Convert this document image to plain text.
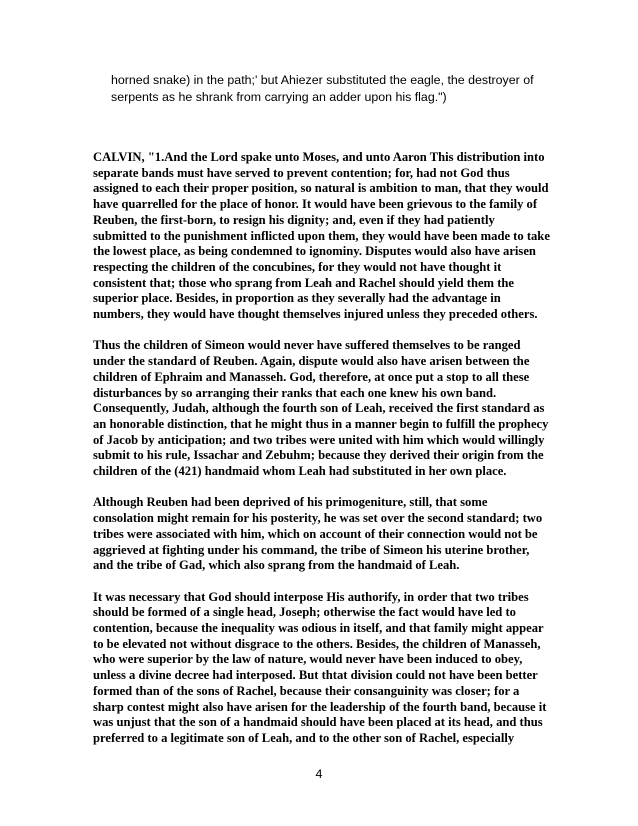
horned snake) in the path;' but Ahiezer substituted the eagle, the destroyer of serpents as he shrank from carrying an adder upon his flag.")

CALVIN, "1.And the Lord spake unto Moses, and unto Aaron This distribution into separate bands must have served to prevent contention; for, had not God thus assigned to each their proper position, so natural is ambition to man, that they would have quarrelled for the place of honor. It would have been grievous to the family of Reuben, the first-born, to resign his dignity; and, even if they had patiently submitted to the punishment inflicted upon them, they would have been made to take the lowest place, as being condemned to ignominy. Disputes would also have arisen respecting the children of the concubines, for they would not have thought it consistent that; those who sprang from Leah and Rachel should yield them the superior place. Besides, in proportion as they severally had the advantage in numbers, they would have thought themselves injured unless they preceded others.

Thus the children of Simeon would never have suffered themselves to be ranged under the standard of Reuben. Again, dispute would also have arisen between the children of Ephraim and Manasseh. God, therefore, at once put a stop to all these disturbances by so arranging their ranks that each one knew his own band. Consequently, Judah, although the fourth son of Leah, received the first standard as an honorable distinction, that he might thus in a manner begin to fulfill the prophecy of Jacob by anticipation; and two tribes were united with him which would willingly submit to his rule, Issachar and Zebuhm; because they derived their origin from the children of the (421) handmaid whom Leah had substituted in her own place.

Although Reuben had been deprived of his primogeniture, still, that some consolation might remain for his posterity, he was set over the second standard; two tribes were associated with him, which on account of their connection would not be aggrieved at fighting under his command, the tribe of Simeon his uterine brother, and the tribe of Gad, which also sprang from the handmaid of Leah.

It was necessary that God should interpose His authorify, in order that two tribes should be formed of a single head, Joseph; otherwise the fact would have led to contention, because the inequality was odious in itself, and that family might appear to be elevated not without disgrace to the others. Besides, the children of Manasseh, who were superior by the law of nature, would never have been induced to obey, unless a divine decree had interposed. But thtat division could not have been better formed than of the sons of Rachel, because their consanguinity was closer; for a sharp contest might also have arisen for the leadership of the fourth band, because it was unjust that the son of a handmaid should have been placed at its head, and thus preferred to a legitimate son of Leah, and to the other son of Rachel, especially

4
